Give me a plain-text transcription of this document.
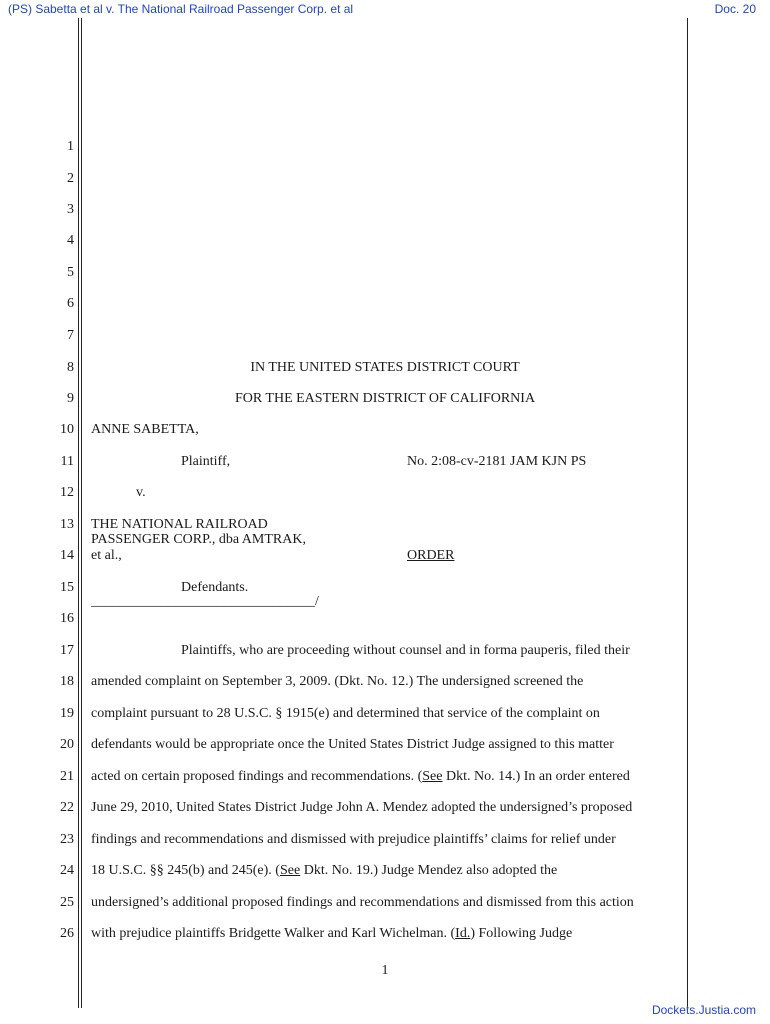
(PS) Sabetta et al v. The National Railroad Passenger Corp. et al	Doc. 20
1
2
3
4
5
6
7
8
9
10
11
12
13
14
15
16
17
18
19
20
21
22
23
24
25
26
IN THE UNITED STATES DISTRICT COURT
FOR THE EASTERN DISTRICT OF CALIFORNIA
ANNE SABETTA,
Plaintiff,	No. 2:08-cv-2181 JAM KJN PS
v.
THE NATIONAL RAILROAD
PASSENGER CORP., dba AMTRAK,
et al.,	ORDER
Defendants.
________________________________/
Plaintiffs, who are proceeding without counsel and in forma pauperis, filed their
amended complaint on September 3, 2009. (Dkt. No. 12.) The undersigned screened the
complaint pursuant to 28 U.S.C. § 1915(e) and determined that service of the complaint on
defendants would be appropriate once the United States District Judge assigned to this matter
acted on certain proposed findings and recommendations. (See Dkt. No. 14.) In an order entered
June 29, 2010, United States District Judge John A. Mendez adopted the undersigned’s proposed
findings and recommendations and dismissed with prejudice plaintiffs’ claims for relief under
18 U.S.C. §§ 245(b) and 245(e). (See Dkt. No. 19.) Judge Mendez also adopted the
undersigned’s additional proposed findings and recommendations and dismissed from this action
with prejudice plaintiffs Bridgette Walker and Karl Wichelman. (Id.) Following Judge
1
Dockets.Justia.com
